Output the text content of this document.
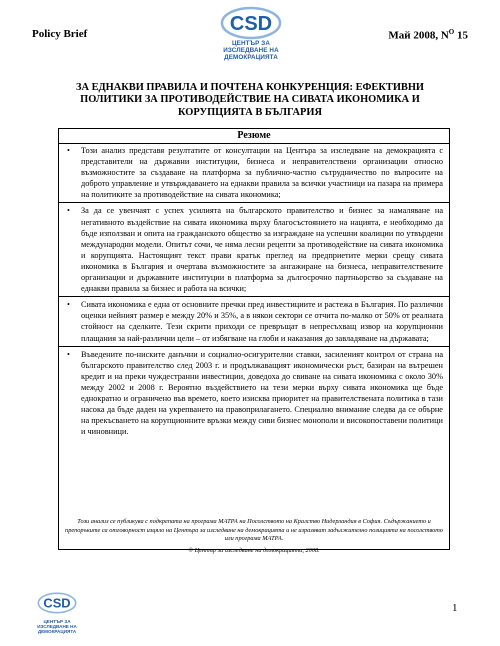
Policy Brief	CSD
ЦЕНТЪР ЗА
ИЗСЛЕДВАНЕ НА
ДЕМОКРАЦИЯТА
Май 2008, $N^O$ 15
ЗА ЕДНАКВИ ПРАВИЛА И ПОЧТЕНА КОНКУРЕНЦИЯ: ЕФЕКТИВНИ ПОЛИТИКИ ЗА ПРОТИВОДЕЙСТВИЕ НА СИВАТА ИКОНОМИКА И КОРУПЦИЯТА В БЪЛГАРИЯ
Резюме
• Този анализ представя резултатите от консултации на Центъра за изследване на демокрацията с представители на държавни институции, бизнеса и неправителствени организации относно възможностите за създаване на платформа за публично-частно сътрудничество по въпросите на доброто управление и утвърждаването на еднакви правила за всички участници на пазара на примера на политиките за противодействие на сивата икономика;
• За да се увенчаят с успех усилията на българското правителство и бизнес за намаляване на негативното въздействие на сивата икономика върху благосъстоянието на нацията, е необходимо да бъде използван и опита на гражданското общество за изграждане на успешни коалиции по утвърдени международни модели. Опитът сочи, че няма лесни рецепти за противодействие на сивата икономика и корупцията. Настоящият текст прави кратък преглед на предприетите мерки срещу сивата икономика в България и очертава възможностите за ангажиране на бизнеса, неправителствените организации и държавните институции в платформа за дългосрочно партньорство за създаване на еднакви правила за бизнес и работа на всички;
• Сивата икономика е една от основните пречки пред инвестициите и растежа в България. По различни оценки нейният размер е между 20% и 35%, а в някои сектори се отчита по-малко от 50% от реалната стойност на сделките. Тези скрити приходи се превръщат в непресъхващ извор на корупционни плащания за най-различни цели – от избягване на глоби и наказания до завладяване на държавата;
• Въведените по-ниските данъчни и социално-осигурителни ставки, засиленият контрол от страна на българското правителство след 2003 г. и продължаващият икономически ръст, базиран на вътрешен кредит и на преки чуждестранни инвестиции, доведоха до свиване на сивата икономика с около 30% между 2002 и 2008 г. Вероятно въздействието на тези мерки върху сивата икономика ще бъде еднократно и ограничено във времето, което изисква приоритет на правителствената политика в тази насока да бъде даден на укрепването на правоприлагането. Специално внимание следва да се обърне на прекъсването на корупционните връзки между сиви бизнес монополи и високопоставени политици и чиновници.
Този анализ се публикува с подкрепата на програма МАТРА на Посолството на Кралство Нидерландия в София. Съдържанието и препоръките са отговорност изцяло на Центъра за изследване на демокрацията и не изразяват задължително позицията на посолството или програма МАТРА.
© Център за изследване на демокрацията, 2008.
CSD
ЦЕНТЪР ЗА
ИЗСЛЕДВАНЕ НА
ДЕМОКРАЦИЯТА
1
